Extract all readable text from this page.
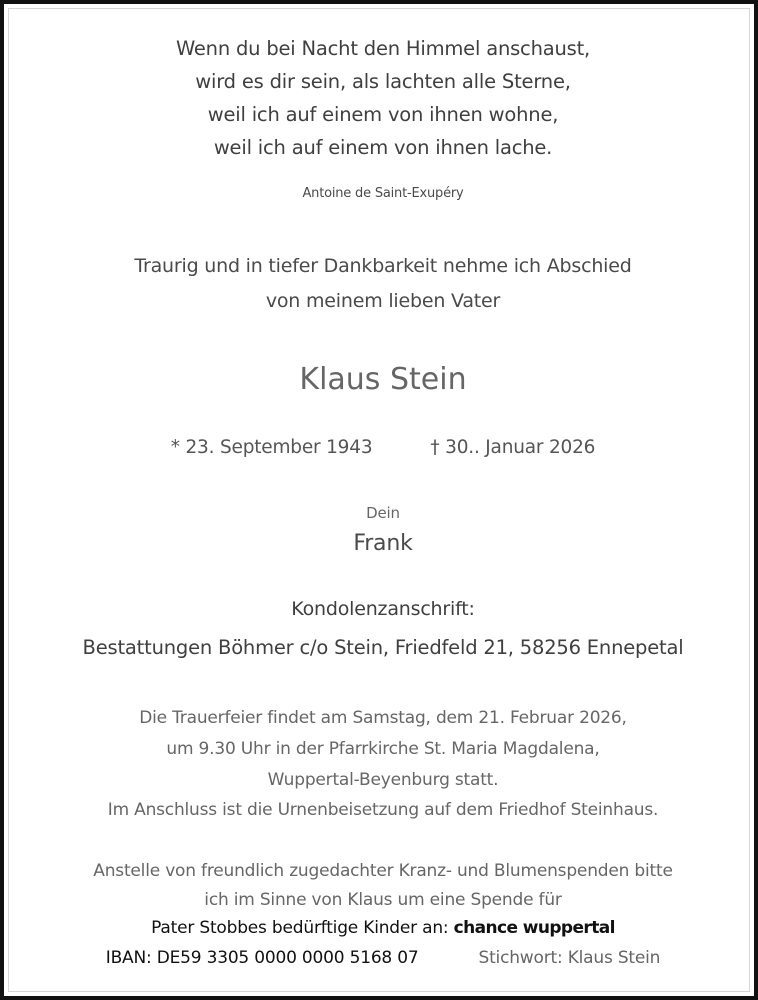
Wenn du bei Nacht den Himmel anschaust,
wird es dir sein, als lachten alle Sterne,
weil ich auf einem von ihnen wohne,
weil ich auf einem von ihnen lache.
Antoine de Saint-Exupéry
Traurig und in tiefer Dankbarkeit nehme ich Abschied
von meinem lieben Vater
Klaus Stein
* 23. September 1943	† 30.. Januar 2026
Dein
Frank
Kondolenzanschrift:
Bestattungen Böhmer c/o Stein, Friedfeld 21, 58256 Ennepetal
Die Trauerfeier findet am Samstag, dem 21. Februar 2026,
um 9.30 Uhr in der Pfarrkirche St. Maria Magdalena,
Wuppertal-Beyenburg statt.
Im Anschluss ist die Urnenbeisetzung auf dem Friedhof Steinhaus.
Anstelle von freundlich zugedachter Kranz- und Blumenspenden bitte
ich im Sinne von Klaus um eine Spende für
Pater Stobbes bedürftige Kinder an: chance wuppertal
IBAN: DE59 3305 0000 0000 5168 07	Stichwort: Klaus Stein
